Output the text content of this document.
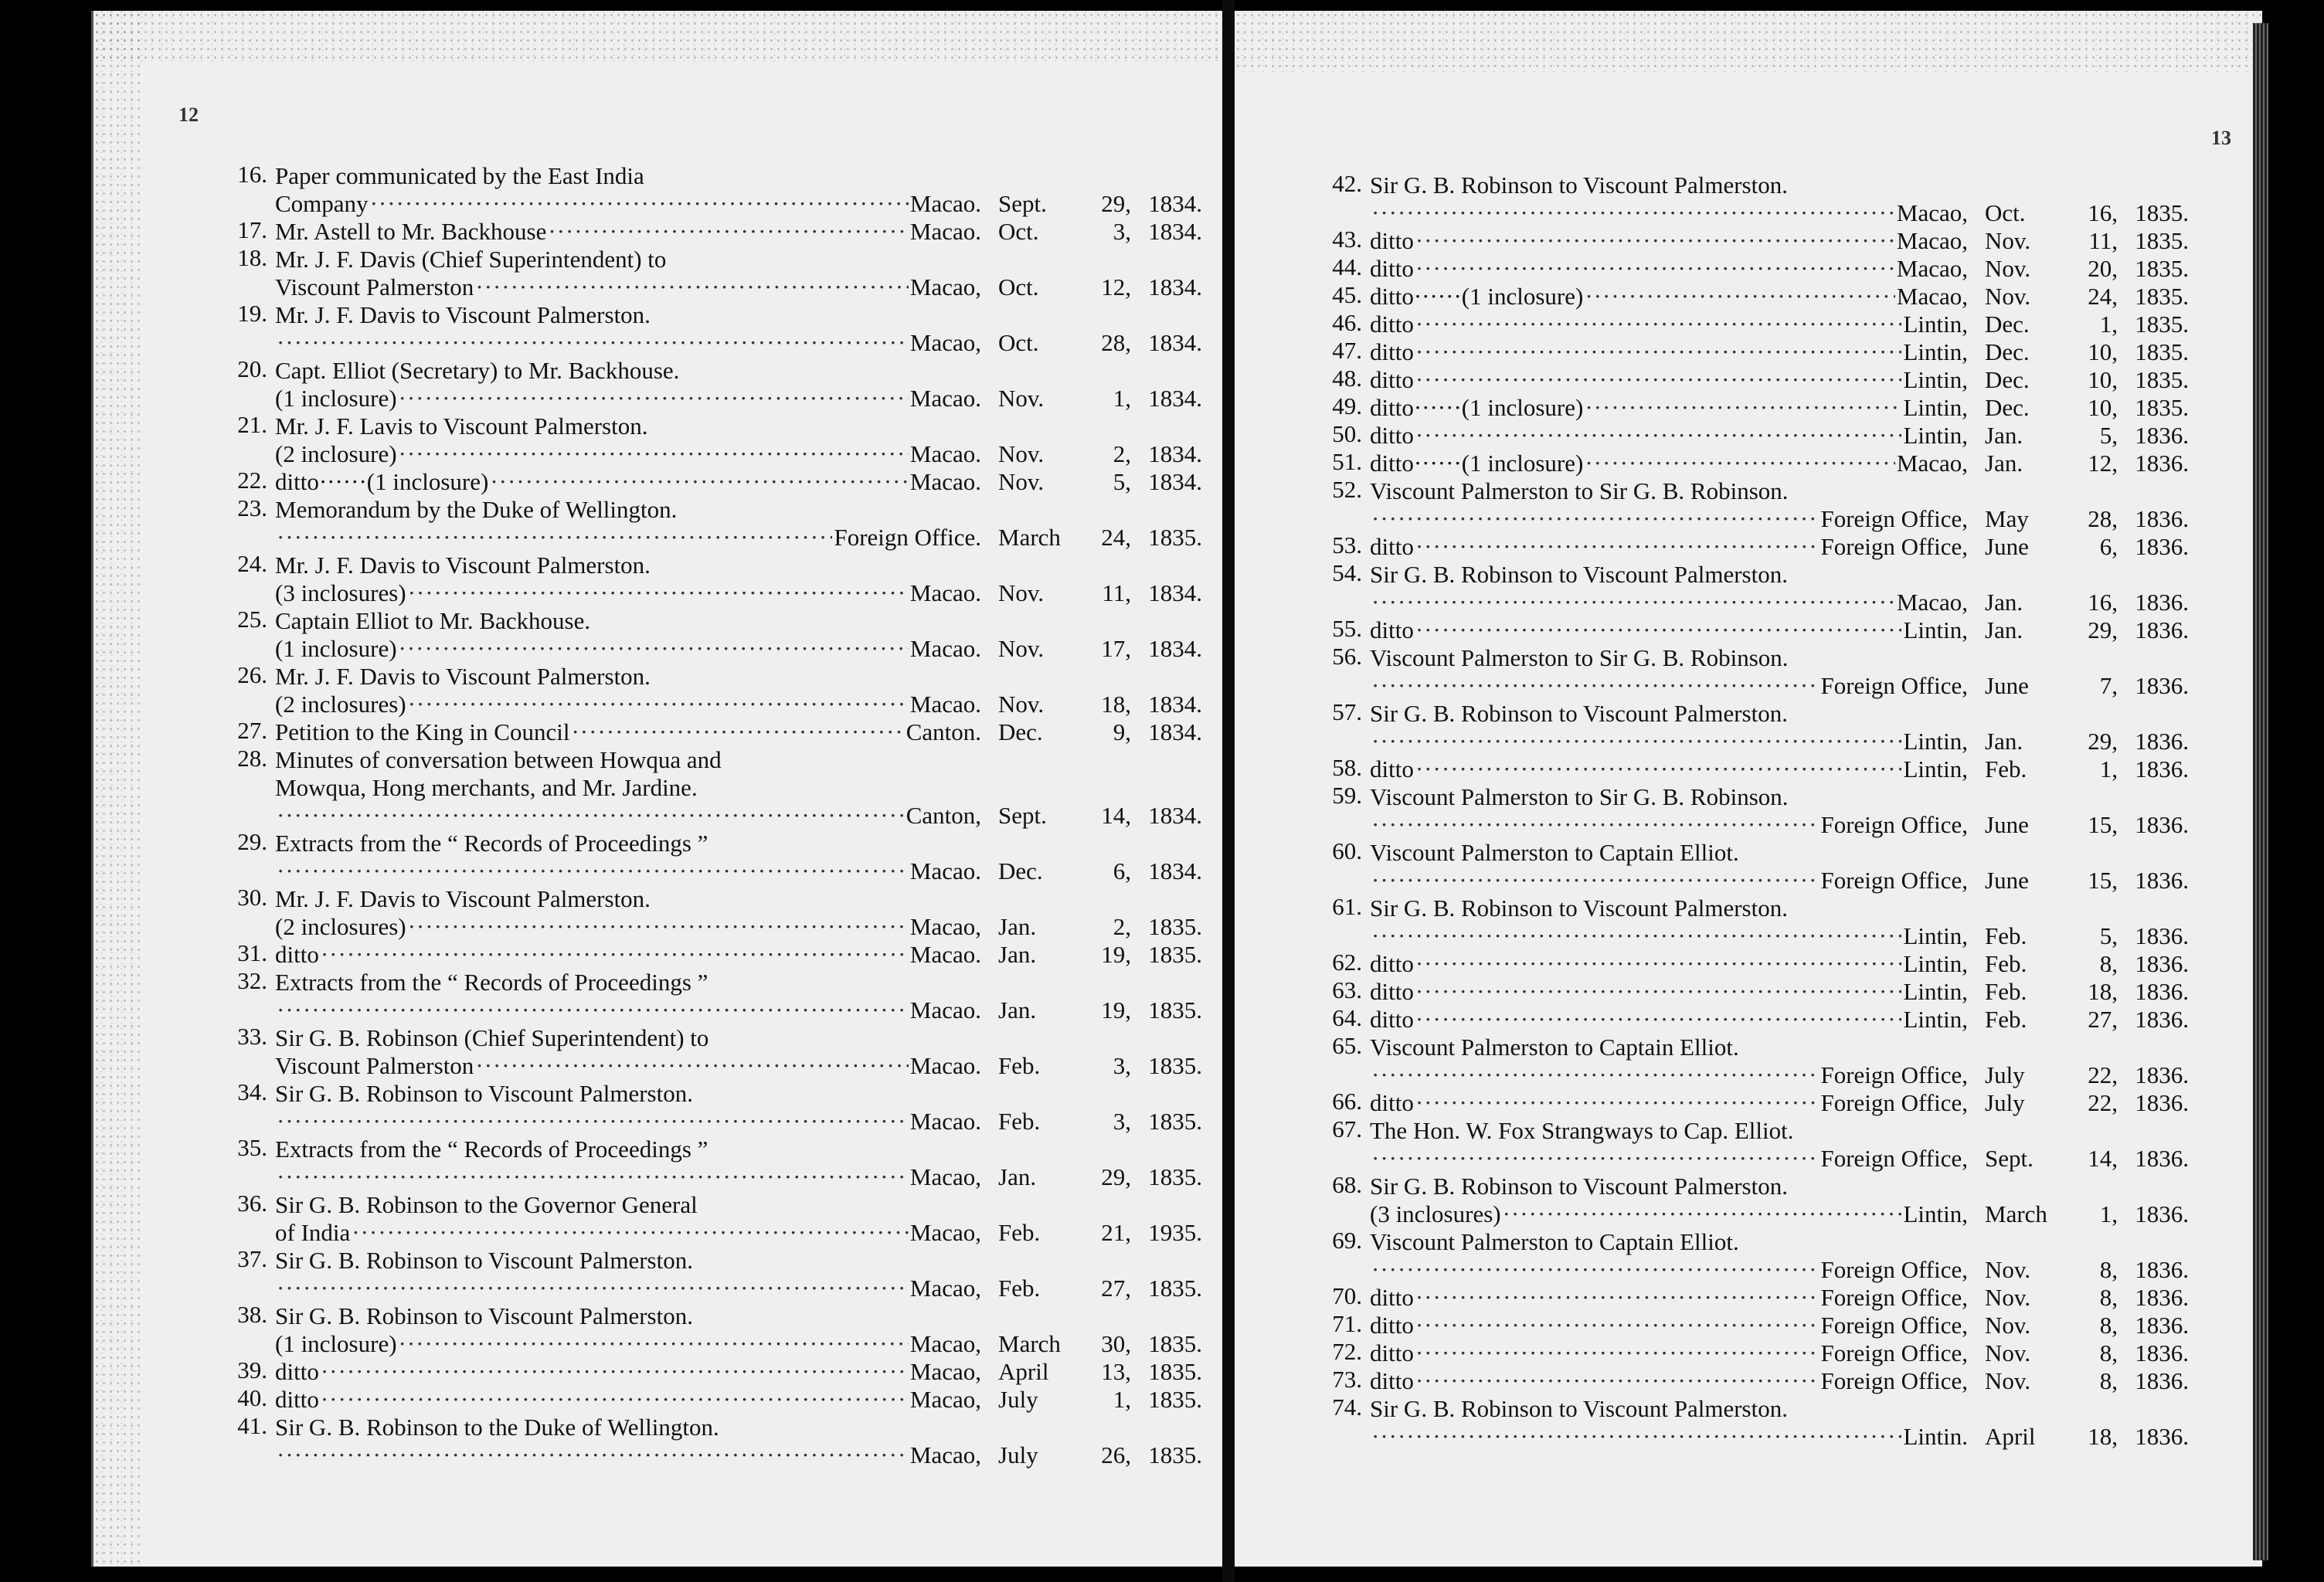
12
16. Paper communicated by the East India
Company ·····	Macao. Sept.	29, 1834.
17. Mr. Astell to Mr. Backhouse ·····	Macao. Oct.	3, 1834.
18. Mr. J. F. Davis (Chief Superintendent) to
Viscount Palmerston ·····	Macao, Oct.	12, 1834.
19. Mr. J. F. Davis to Viscount Palmerston.
·····
Macao, Oct.	28, 1834.
20. Capt. Elliot (Secretary) to Mr. Backhouse.
(1 inclosure) ·····	Macao. Nov.	1, 1834.
21. Mr. J. F. Lavis to Viscount Palmerston.
(2 inclosure) ·····	Macao. Nov.	2, 1834.
22. ditto······(1 inclosure) ·····	Macao. Nov.	5, 1834.
23. Memorandum by the Duke of Wellington.
·····
Foreign Office. March	24, 1835.
24. Mr. J. F. Davis to Viscount Palmerston.
(3 inclosures) ·····	Macao. Nov.	11, 1834.
25. Captain Elliot to Mr. Backhouse.
(1 inclosure) ·····	Macao. Nov.	17, 1834.
26. Mr. J. F. Davis to Viscount Palmerston.
(2 inclosures) ·····	Macao. Nov.	18, 1834.
27. Petition to the King in Council ·····	Canton. Dec.	9, 1834.
28. Minutes of conversation between Howqua and
Mowqua, Hong merchants, and Mr. Jardine.
·····
Canton, Sept.	14, 1834.
29. Extracts from the “ Records of Proceedings ”
·····
Macao. Dec.	6, 1834.
30. Mr. J. F. Davis to Viscount Palmerston.
(2 inclosures) ·····	Macao, Jan.	2, 1835.
31. ditto ·····	Macao. Jan.	19, 1835.
32. Extracts from the “ Records of Proceedings ”
·····
Macao. Jan.	19, 1835.
33. Sir G. B. Robinson (Chief Superintendent) to
Viscount Palmerston ·····	Macao. Feb.	3, 1835.
34. Sir G. B. Robinson to Viscount Palmerston.
·····
Macao. Feb.	3, 1835.
35. Extracts from the “ Records of Proceedings ”
·····
Macao, Jan.	29, 1835.
36. Sir G. B. Robinson to the Governor General
of India ·····	Macao, Feb.	21, 1935.
37. Sir G. B. Robinson to Viscount Palmerston.
·····
Macao, Feb.	27, 1835.
38. Sir G. B. Robinson to Viscount Palmerston.
(1 inclosure) ·····	Macao, March	30, 1835.
39. ditto ·····	Macao, April	13, 1835.
40. ditto ·····	Macao, July	1, 1835.
41. Sir G. B. Robinson to the Duke of Wellington.
·····
Macao, July	26, 1835.
13
42. Sir G. B. Robinson to Viscount Palmerston.
·····
Macao, Oct.	16, 1835.
43. ditto ·····	Macao, Nov.	11, 1835.
44. ditto ·····	Macao, Nov.	20, 1835.
45. ditto······(1 inclosure) ·····	Macao, Nov.	24, 1835.
46. ditto ·····	Lintin, Dec.	1, 1835.
47. ditto ·····	Lintin, Dec.	10, 1835.
48. ditto ·····	Lintin, Dec.	10, 1835.
49. ditto······(1 inclosure) ·····	Lintin, Dec.	10, 1835.
50. ditto ·····	Lintin, Jan.	5, 1836.
51. ditto······(1 inclosure) ·····	Macao, Jan.	12, 1836.
52. Viscount Palmerston to Sir G. B. Robinson.
·····
Foreign Office, May	28, 1836.
53. ditto ·····	Foreign Office, June	6, 1836.
54. Sir G. B. Robinson to Viscount Palmerston.
·····
Macao, Jan.	16, 1836.
55. ditto ·····	Lintin, Jan.	29, 1836.
56. Viscount Palmerston to Sir G. B. Robinson.
·····
Foreign Office, June	7, 1836.
57. Sir G. B. Robinson to Viscount Palmerston.
·····
Lintin, Jan.	29, 1836.
58. ditto ·····	Lintin, Feb.	1, 1836.
59. Viscount Palmerston to Sir G. B. Robinson.
·····
Foreign Office, June	15, 1836.
60. Viscount Palmerston to Captain Elliot.
·····
Foreign Office, June	15, 1836.
61. Sir G. B. Robinson to Viscount Palmerston.
·····
Lintin, Feb.	5, 1836.
62. ditto ·····	Lintin, Feb.	8, 1836.
63. ditto ·····	Lintin, Feb.	18, 1836.
64. ditto ·····	Lintin, Feb.	27, 1836.
65. Viscount Palmerston to Captain Elliot.
·····
Foreign Office, July	22, 1836.
66. ditto ·····	Foreign Office, July	22, 1836.
67. The Hon. W. Fox Strangways to Cap. Elliot.
·····
Foreign Office, Sept.	14, 1836.
68. Sir G. B. Robinson to Viscount Palmerston.
(3 inclosures) ·····	Lintin, March	1, 1836.
69. Viscount Palmerston to Captain Elliot.
·····
Foreign Office, Nov.	8, 1836.
70. ditto ·····	Foreign Office, Nov.	8, 1836.
71. ditto ·····	Foreign Office, Nov.	8, 1836.
72. ditto ·····	Foreign Office, Nov.	8, 1836.
73. ditto ·····	Foreign Office, Nov.	8, 1836.
74. Sir G. B. Robinson to Viscount Palmerston.
·····
Lintin. April	18, 1836.
